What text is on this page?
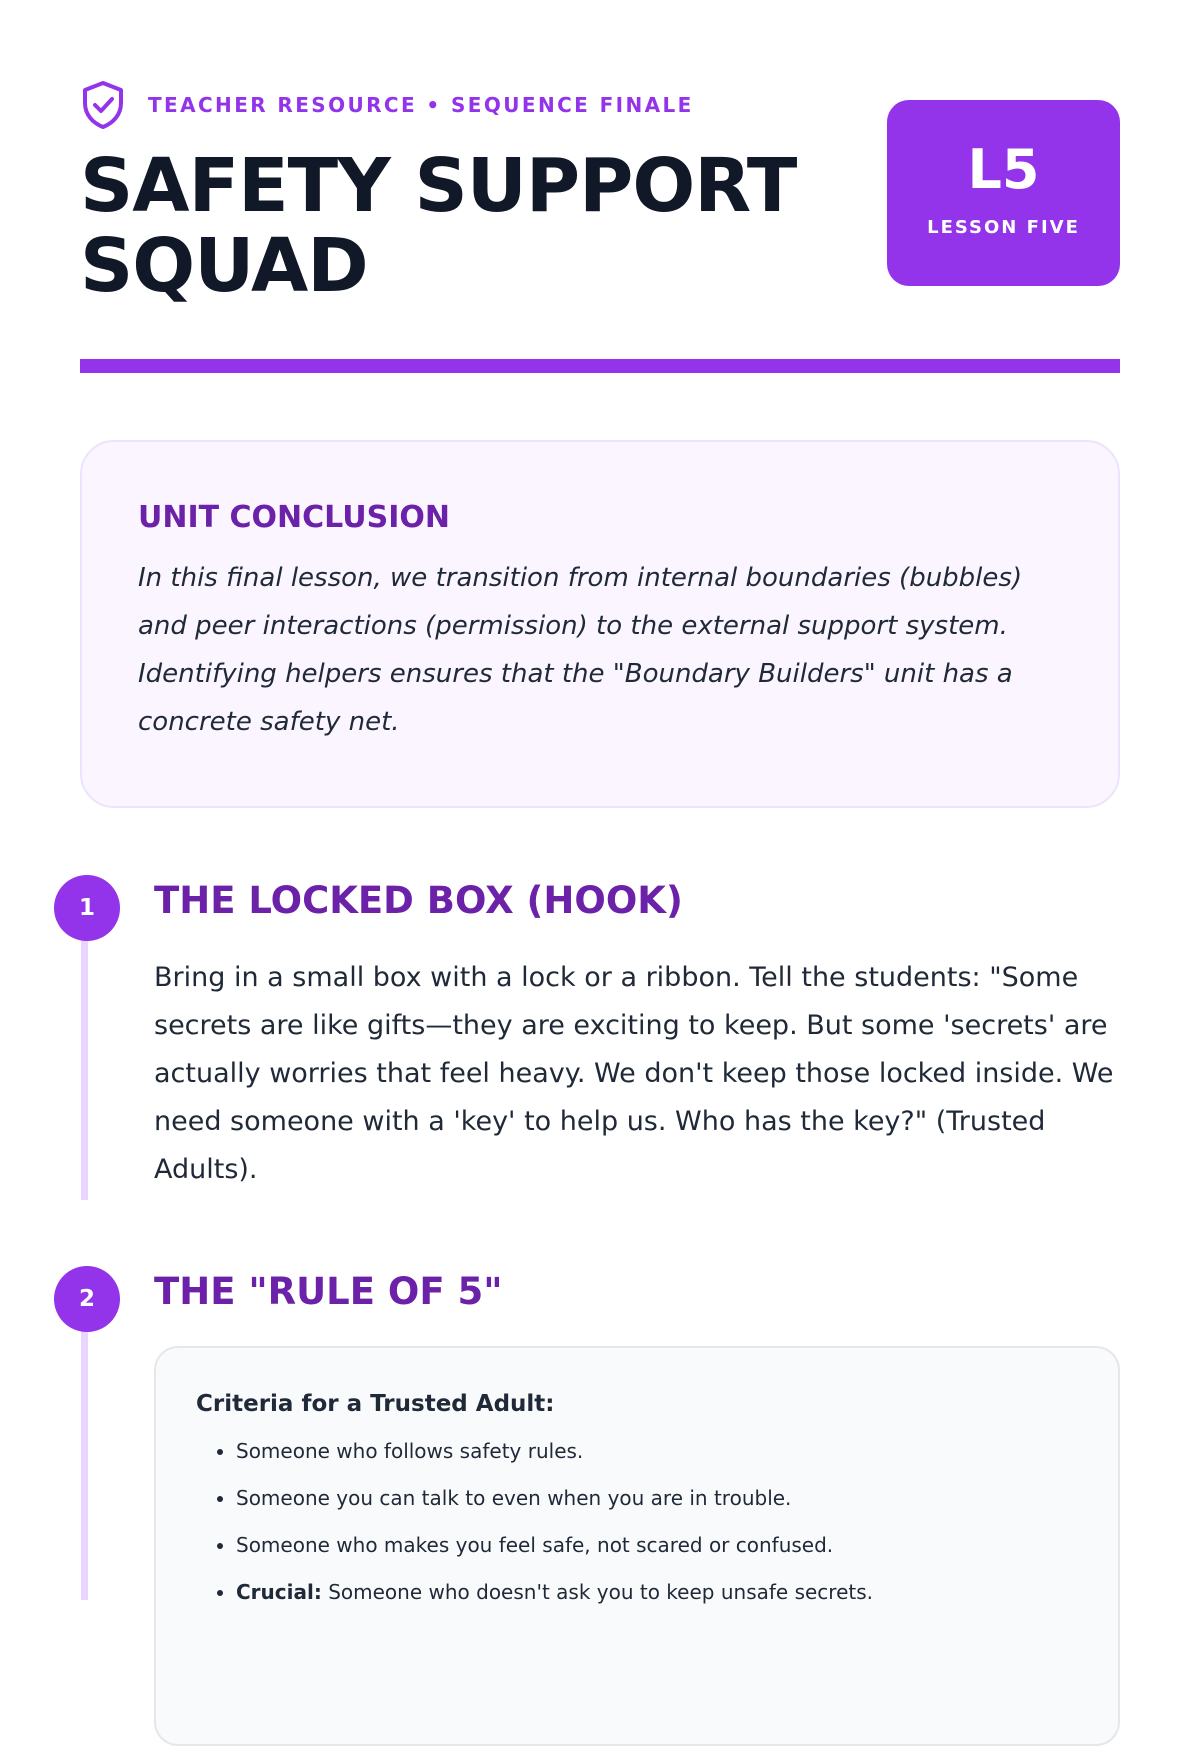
TEACHER RESOURCE • SEQUENCE FINALE
SAFETY SUPPORT
SQUAD
L5
LESSON FIVE
UNIT CONCLUSION

In this final lesson, we transition from internal boundaries (bubbles) and peer interactions (permission) to the external support system. Identifying helpers ensures that the "Boundary Builders" unit has a concrete safety net.

1	THE LOCKED BOX (HOOK)

Bring in a small box with a lock or a ribbon. Tell the students: "Some secrets are like gifts—they are exciting to keep. But some 'secrets' are actually worries that feel heavy. We don't keep those locked inside. We need someone with a 'key' to help us. Who has the key?" (Trusted Adults).

2	THE "RULE OF 5"

Criteria for a Trusted Adult:

• Someone who follows safety rules.
• Someone you can talk to even when you are in trouble.
• Someone who makes you feel safe, not scared or confused.
• Crucial: Someone who doesn't ask you to keep unsafe secrets.
